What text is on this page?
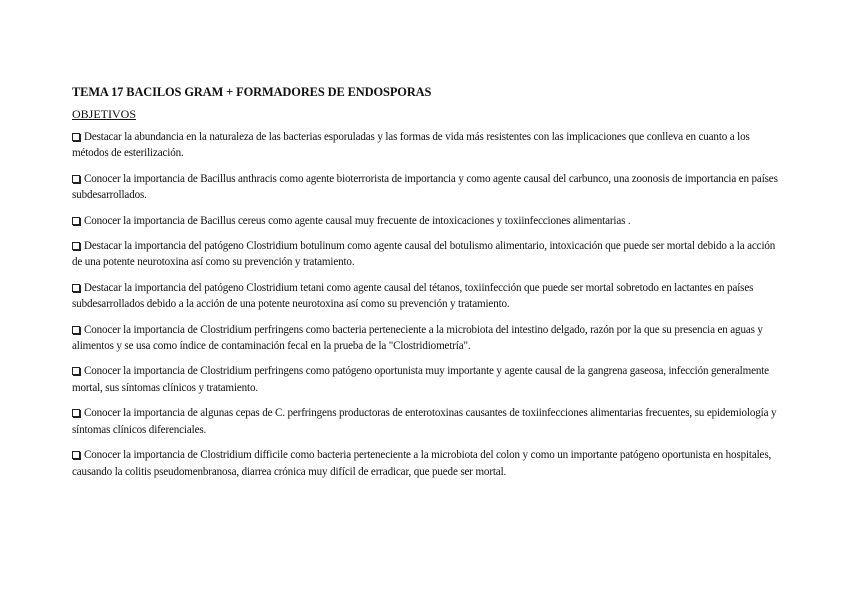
TEMA 17 BACILOS GRAM + FORMADORES DE ENDOSPORAS

OBJETIVOS

Destacar la abundancia en la naturaleza de las bacterias esporuladas y las formas de vida más resistentes con las implicaciones que conlleva en cuanto a los métodos de esterilización.
Conocer la importancia de Bacillus anthracis como agente bioterrorista de importancia y como agente causal del carbunco, una zoonosis de importancia en países subdesarrollados.
Conocer la importancia de Bacillus cereus como agente causal muy frecuente de intoxicaciones y toxiinfecciones alimentarias .
Destacar la importancia del patógeno Clostridium botulinum como agente causal del botulismo alimentario, intoxicación que puede ser mortal debido a la acción de una potente neurotoxina así como su prevención y tratamiento.
Destacar la importancia del patógeno Clostridium tetani como agente causal del tétanos, toxiinfección que puede ser mortal sobretodo en lactantes en países subdesarrollados debido a la acción de una potente neurotoxina así como su prevención y tratamiento.
Conocer la importancia de Clostridium perfringens como bacteria perteneciente a la microbiota del intestino delgado, razón por la que su presencia en aguas y alimentos y se usa como índice de contaminación fecal en la prueba de la "Clostridiometría".
Conocer la importancia de Clostridium perfringens como patógeno oportunista muy importante y agente causal de la gangrena gaseosa, infección generalmente mortal, sus síntomas clínicos y tratamiento.
Conocer la importancia de algunas cepas de C. perfringens productoras de enterotoxinas causantes de toxiinfecciones alimentarias frecuentes, su epidemiología y síntomas clínicos diferenciales.
Conocer la importancia de Clostridium difficile como bacteria perteneciente a la microbiota del colon y como un importante patógeno oportunista en hospitales, causando la colitis pseudomenbranosa, diarrea crónica muy difícil de erradicar, que puede ser mortal.
